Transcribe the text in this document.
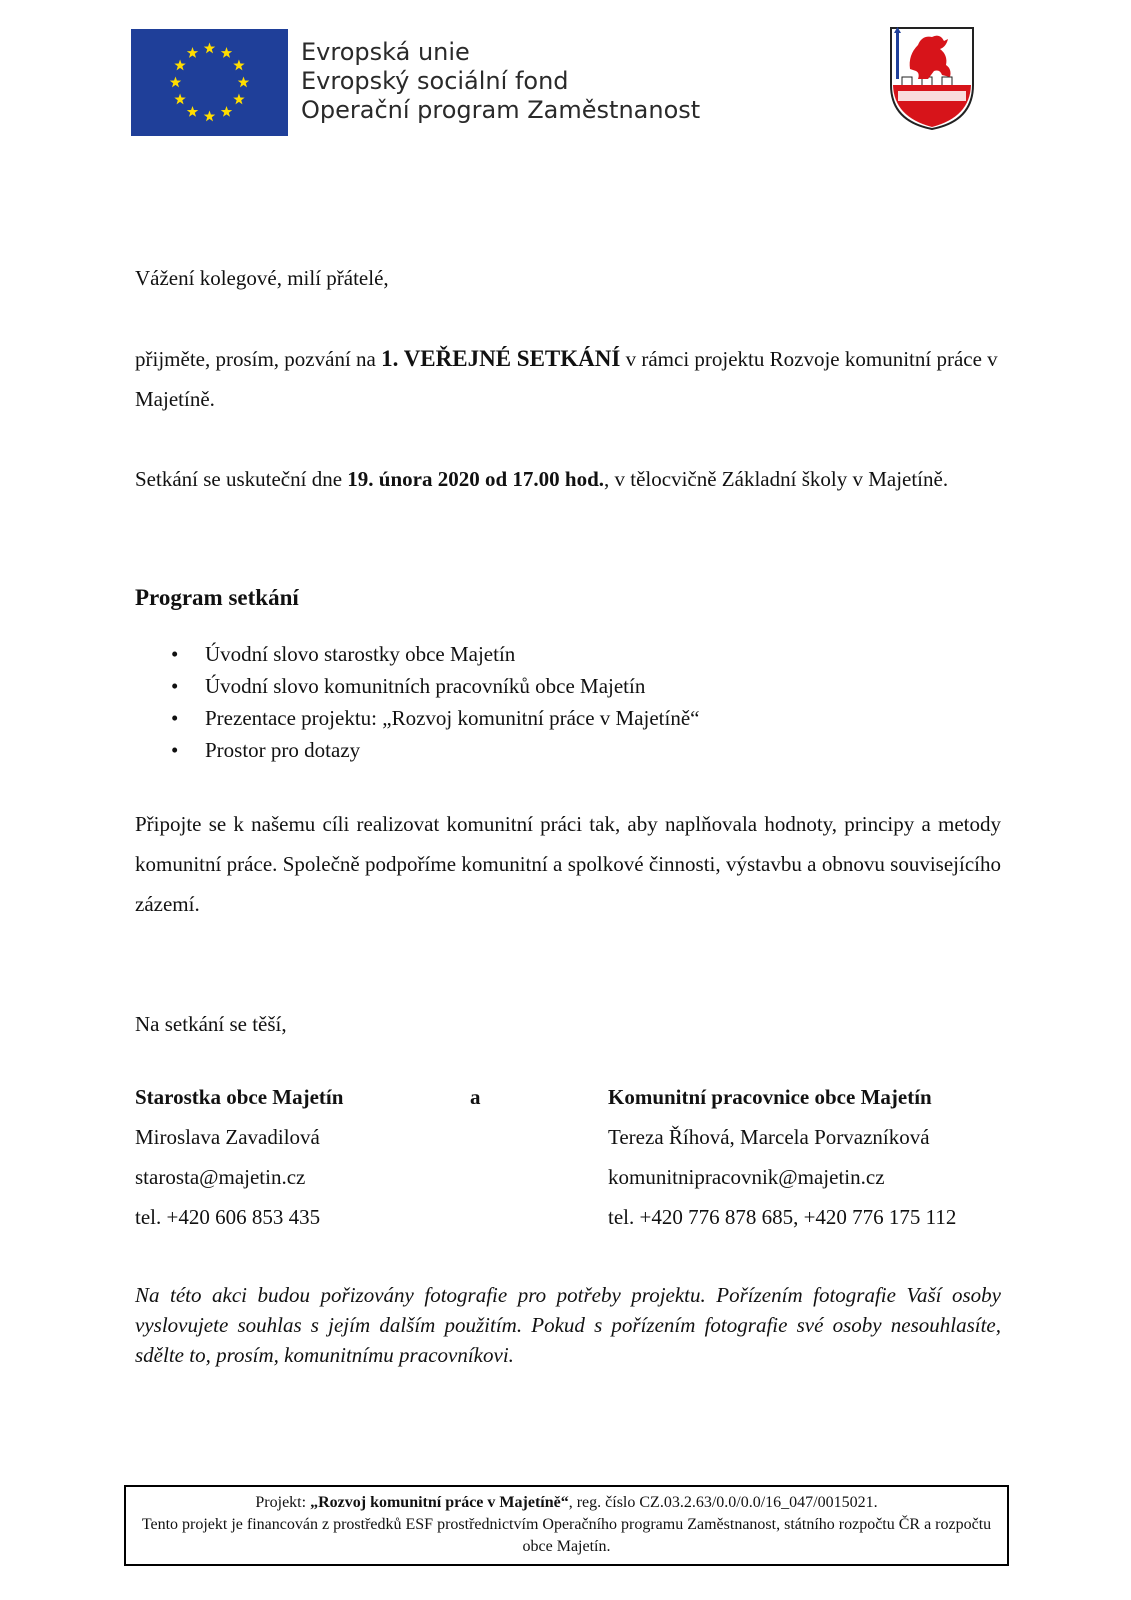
Evropská unie
Evropský sociální fond
Operační program Zaměstnanost
Vážení kolegové, milí přátelé,
přijměte, prosím, pozvání na 1. VEŘEJNÉ SETKÁNÍ v rámci projektu Rozvoje komunitní práce v Majetíně.
Setkání se uskuteční dne 19. února 2020 od 17.00 hod., v tělocvičně Základní školy v Majetíně.
Program setkání
• Úvodní slovo starostky obce Majetín
• Úvodní slovo komunitních pracovníků obce Majetín
• Prezentace projektu: „Rozvoj komunitní práce v Majetíně“
• Prostor pro dotazy
Připojte se k našemu cíli realizovat komunitní práci tak, aby naplňovala hodnoty, principy a metody komunitní práce. Společně podpoříme komunitní a spolkové činnosti, výstavbu a obnovu souvisejícího zázemí.
Na setkání se těší,
Starostka obce Majetín
Miroslava Zavadilová
starosta@majetin.cz
tel. +420 606 853 435
a	Komunitní pracovnice obce Majetín
Tereza Říhová, Marcela Porvazníková
komunitnipracovnik@majetin.cz
tel. +420 776 878 685, +420 776 175 112
Na této akci budou pořizovány fotografie pro potřeby projektu. Pořízením fotografie Vaší osoby vyslovujete souhlas s jejím dalším použitím. Pokud s pořízením fotografie své osoby nesouhlasíte, sdělte to, prosím, komunitnímu pracovníkovi.
Projekt: „Rozvoj komunitní práce v Majetíně“, reg. číslo CZ.03.2.63/0.0/0.0/16_047/0015021.
Tento projekt je financován z prostředků ESF prostřednictvím Operačního programu Zaměstnanost, státního rozpočtu ČR a rozpočtu obce Majetín.
